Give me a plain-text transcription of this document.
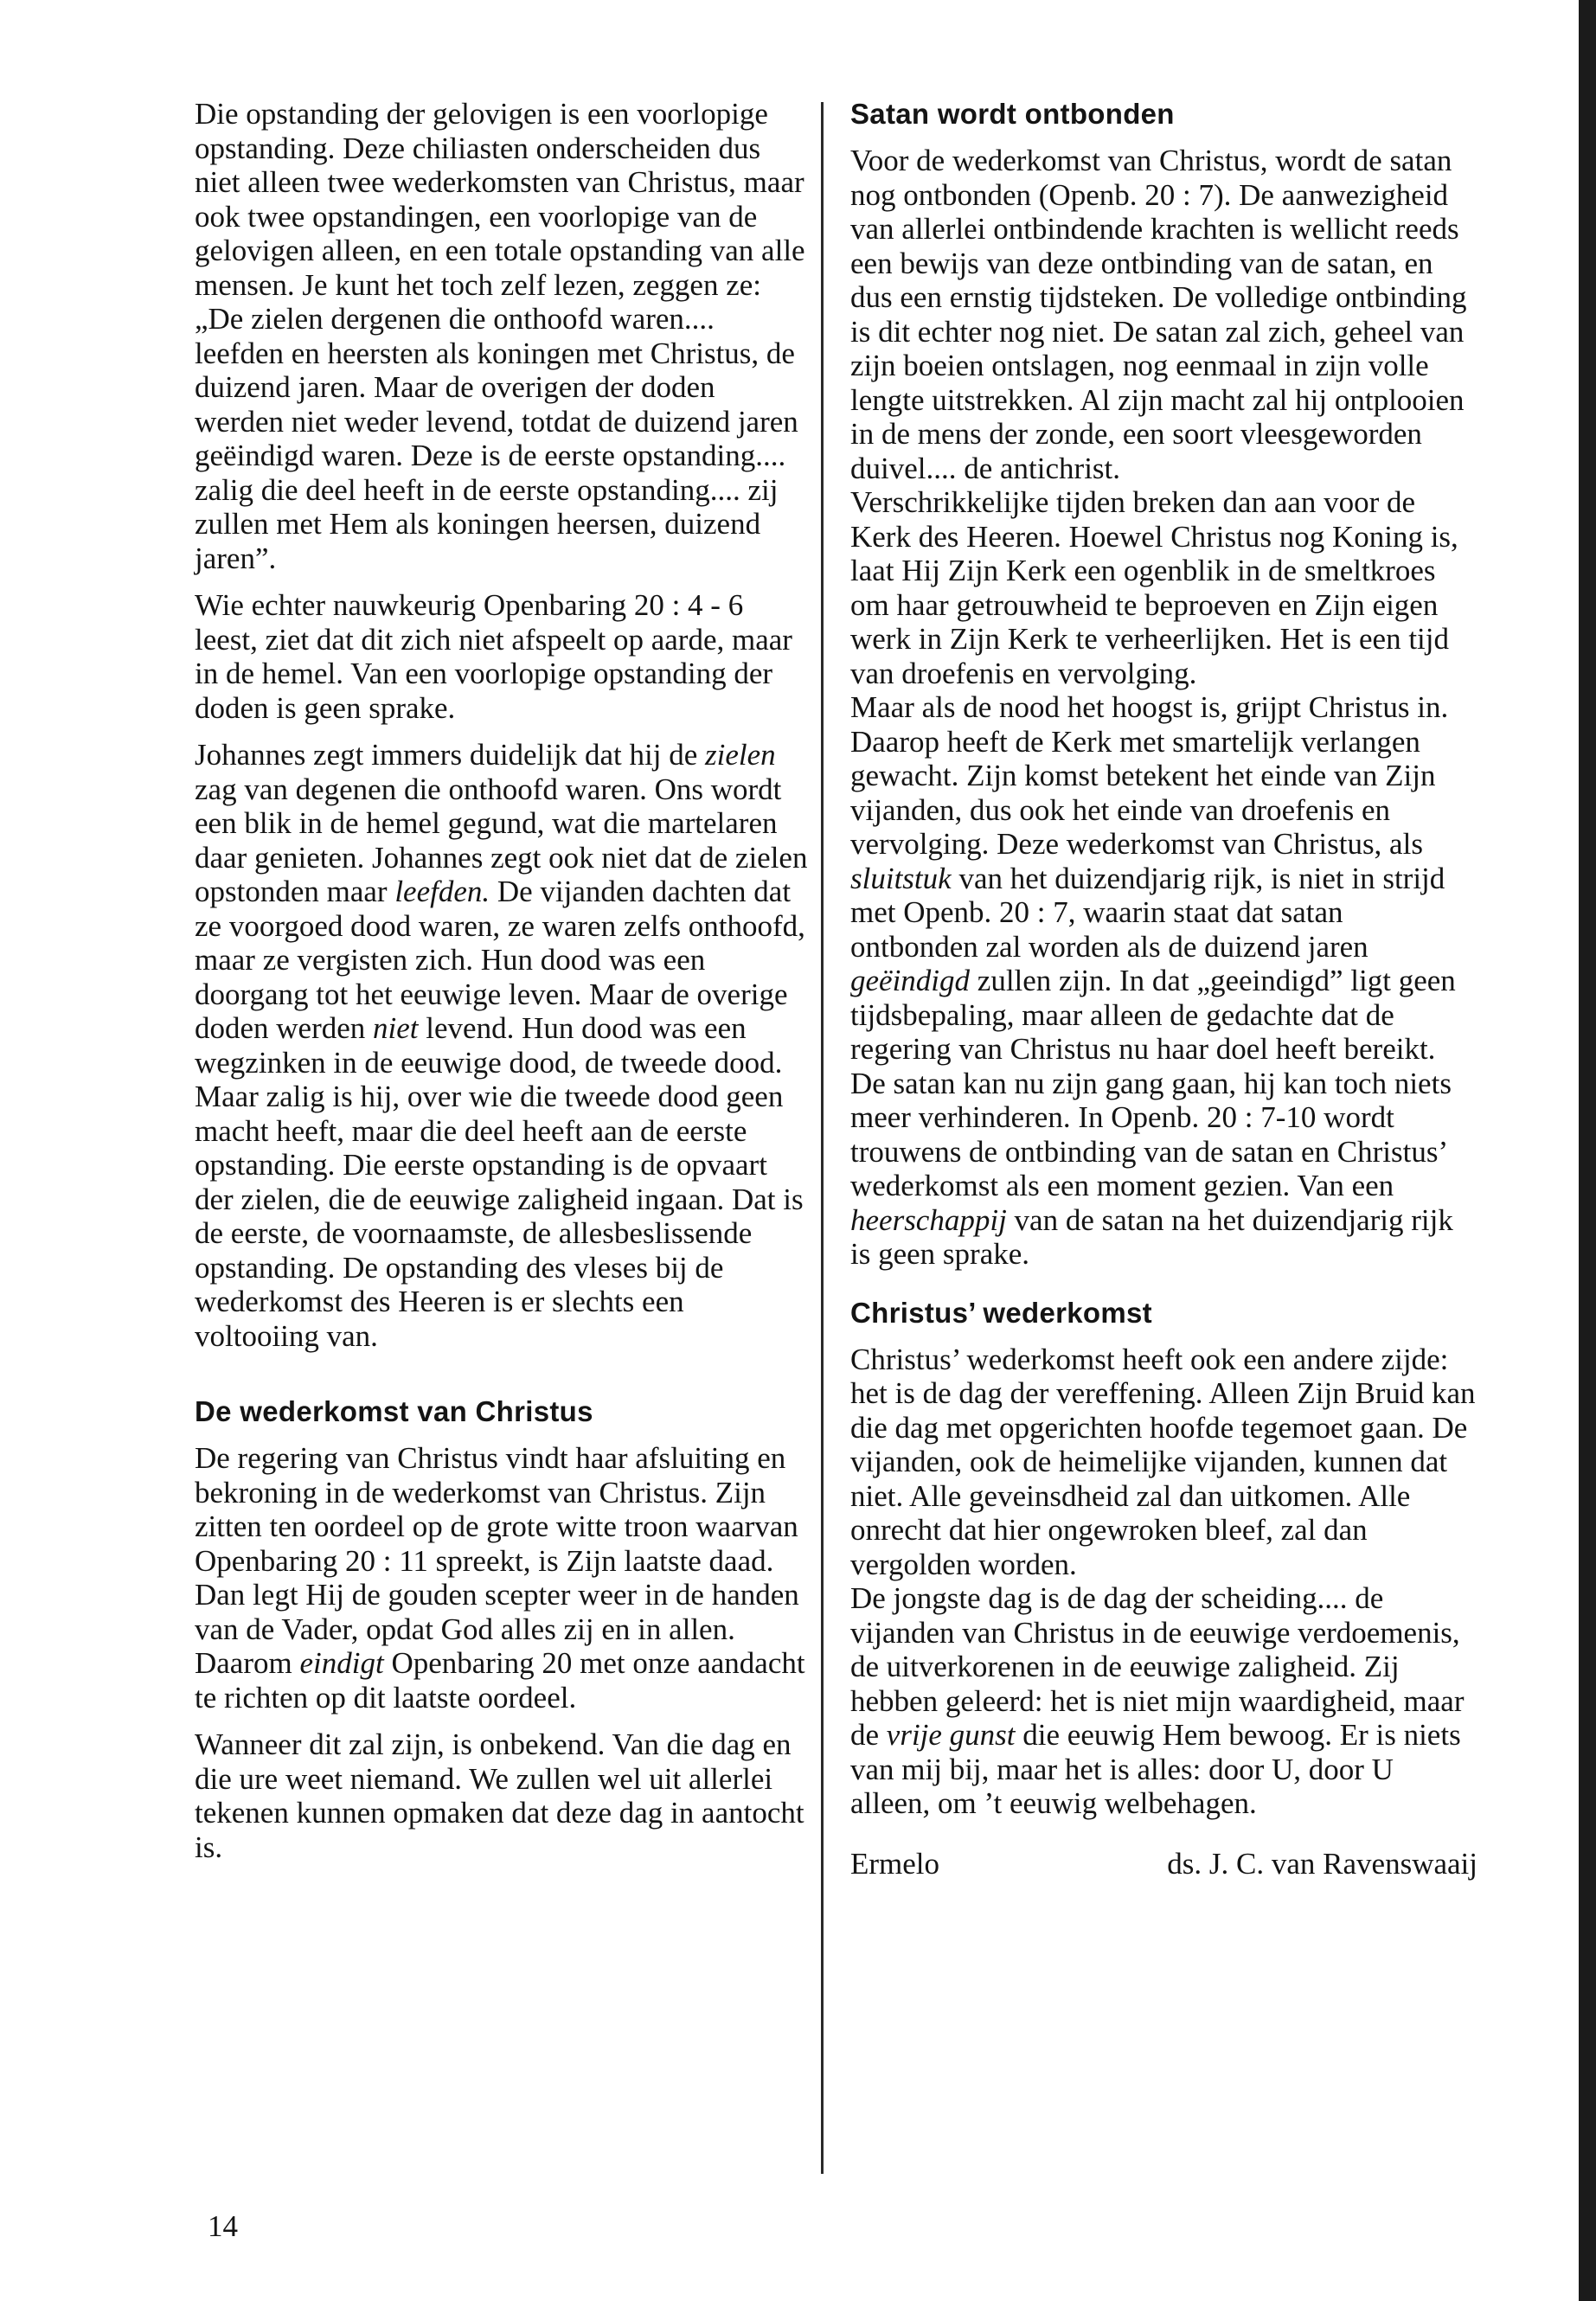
Die opstanding der gelovigen is een voorlopige opstanding. Deze chiliasten onderscheiden dus niet alleen twee wederkomsten van Christus, maar ook twee opstandingen, een voorlopige van de gelovigen alleen, en een totale opstanding van alle mensen. Je kunt het toch zelf lezen, zeggen ze: „De zielen dergenen die onthoofd waren.... leefden en heersten als koningen met Christus, de duizend jaren. Maar de overigen der doden werden niet weder levend, totdat de duizend jaren geëindigd waren. Deze is de eerste opstanding.... zalig die deel heeft in de eerste opstanding.... zij zullen met Hem als koningen heersen, duizend jaren”.

Wie echter nauwkeurig Openbaring 20 : 4 - 6 leest, ziet dat dit zich niet afspeelt op aarde, maar in de hemel. Van een voorlopige opstanding der doden is geen sprake.

Johannes zegt immers duidelijk dat hij de zielen zag van degenen die onthoofd waren. Ons wordt een blik in de hemel gegund, wat die martelaren daar genieten. Johannes zegt ook niet dat de zielen opstonden maar leefden. De vijanden dachten dat ze voorgoed dood waren, ze waren zelfs onthoofd, maar ze vergisten zich. Hun dood was een doorgang tot het eeuwige leven. Maar de overige doden werden niet levend. Hun dood was een wegzinken in de eeuwige dood, de tweede dood. Maar zalig is hij, over wie die tweede dood geen macht heeft, maar die deel heeft aan de eerste opstanding. Die eerste opstanding is de opvaart der zielen, die de eeuwige zaligheid ingaan. Dat is de eerste, de voornaamste, de allesbeslissende opstanding. De opstanding des vleses bij de wederkomst des Heeren is er slechts een voltooiing van.

De wederkomst van Christus

De regering van Christus vindt haar afsluiting en bekroning in de wederkomst van Christus. Zijn zitten ten oordeel op de grote witte troon waarvan Openbaring 20 : 11 spreekt, is Zijn laatste daad. Dan legt Hij de gouden scepter weer in de handen van de Vader, opdat God alles zij en in allen. Daarom eindigt Openbaring 20 met onze aandacht te richten op dit laatste oordeel.

Wanneer dit zal zijn, is onbekend. Van die dag en die ure weet niemand. We zullen wel uit allerlei tekenen kunnen opmaken dat deze dag in aantocht is.

Satan wordt ontbonden

Voor de wederkomst van Christus, wordt de satan nog ontbonden (Openb. 20 : 7). De aanwezigheid van allerlei ontbindende krachten is wellicht reeds een bewijs van deze ontbinding van de satan, en dus een ernstig tijdsteken. De volledige ontbinding is dit echter nog niet. De satan zal zich, geheel van zijn boeien ontslagen, nog eenmaal in zijn volle lengte uitstrekken. Al zijn macht zal hij ontplooien in de mens der zonde, een soort vleesgeworden duivel.... de antichrist.

Verschrikkelijke tijden breken dan aan voor de Kerk des Heeren. Hoewel Christus nog Koning is, laat Hij Zijn Kerk een ogenblik in de smeltkroes om haar getrouwheid te beproeven en Zijn eigen werk in Zijn Kerk te verheerlijken. Het is een tijd van droefenis en vervolging.

Maar als de nood het hoogst is, grijpt Christus in. Daarop heeft de Kerk met smartelijk verlangen gewacht. Zijn komst betekent het einde van Zijn vijanden, dus ook het einde van droefenis en vervolging. Deze wederkomst van Christus, als sluitstuk van het duizendjarig rijk, is niet in strijd met Openb. 20 : 7, waarin staat dat satan ontbonden zal worden als de duizend jaren geëindigd zullen zijn. In dat „geeindigd” ligt geen tijdsbepaling, maar alleen de gedachte dat de regering van Christus nu haar doel heeft bereikt. De satan kan nu zijn gang gaan, hij kan toch niets meer verhinderen. In Openb. 20 : 7-10 wordt trouwens de ontbinding van de satan en Christus’ wederkomst als een moment gezien. Van een heerschappij van de satan na het duizendjarig rijk is geen sprake.

Christus’ wederkomst

Christus’ wederkomst heeft ook een andere zijde: het is de dag der vereffening. Alleen Zijn Bruid kan die dag met opgerichten hoofde tegemoet gaan. De vijanden, ook de heimelijke vijanden, kunnen dat niet. Alle geveinsdheid zal dan uitkomen. Alle onrecht dat hier ongewroken bleef, zal dan vergolden worden.

De jongste dag is de dag der scheiding.... de vijanden van Christus in de eeuwige verdoemenis, de uitverkorenen in de eeuwige zaligheid. Zij hebben geleerd: het is niet mijn waardigheid, maar de vrije gunst die eeuwig Hem bewoog. Er is niets van mij bij, maar het is alles: door U, door U alleen, om ’t eeuwig welbehagen.

Ermelo	ds. J. C. van Ravenswaaij
14
